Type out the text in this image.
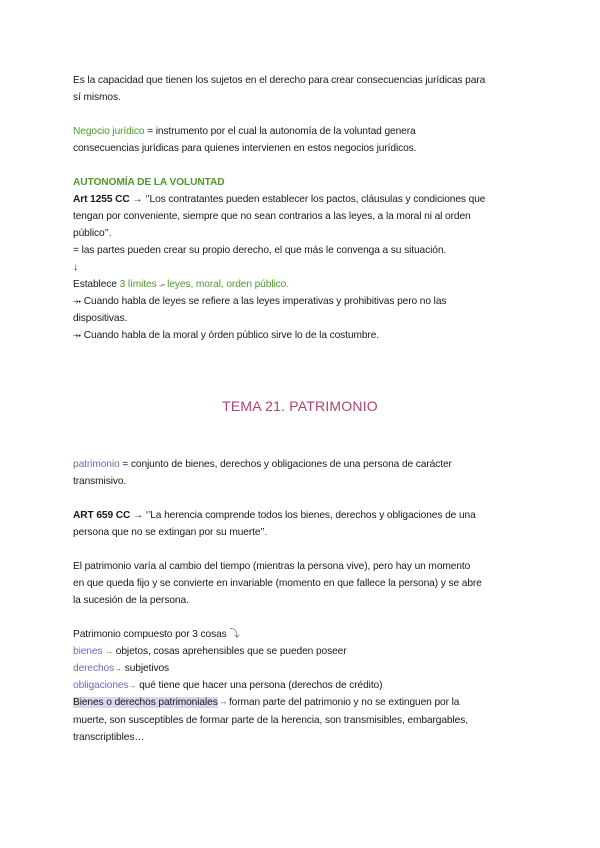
Es la capacidad que tienen los sujetos en el derecho para crear consecuencias jurídicas para
sí mismos.
Negocio jurídico = instrumento por el cual la autonomía de la voluntad genera
consecuencias jurídicas para quienes intervienen en estos negocios jurídicos.
AUTONOMÍA DE LA VOLUNTAD
Art 1255 CC → ‘’Los contratantes pueden establecer los pactos, cláusulas y condiciones que
tengan por conveniente, siempre que no sean contrarios a las leyes, a la moral ni al orden
público’’.
= las partes pueden crear su propio derecho, el que más le convenga a su situación.
↓
Establece 3 límites ⤞ leyes, moral, orden público.
⤞ Cuando habla de leyes se refiere a las leyes imperativas y prohibitivas pero no las
dispositivas.
⤞ Cuando habla de la moral y órden público sirve lo de la costumbre.
TEMA 21. PATRIMONIO
patrimonio = conjunto de bienes, derechos y obligaciones de una persona de carácter
transmisivo.
ART 659 CC → ‘’La herencia comprende todos los bienes, derechos y obligaciones de una
persona que no se extingan por su muerte’’.
El patrimonio varía al cambio del tiempo (mientras la persona vive), pero hay un momento
en que queda fijo y se convierte en invariable (momento en que fallece la persona) y se abre
la sucesión de la persona.
Patrimonio compuesto por 3 cosas ⤵
bienes → objetos, cosas aprehensibles que se pueden poseer
derechos→ subjetivos
obligaciones→ qué tiene que hacer una persona (derechos de crédito)
Bienes o derechos patrimoniales ↣ forman parte del patrimonio y no se extinguen por la
muerte, son susceptibles de formar parte de la herencia, son transmisibles, embargables,
transcriptibles…
